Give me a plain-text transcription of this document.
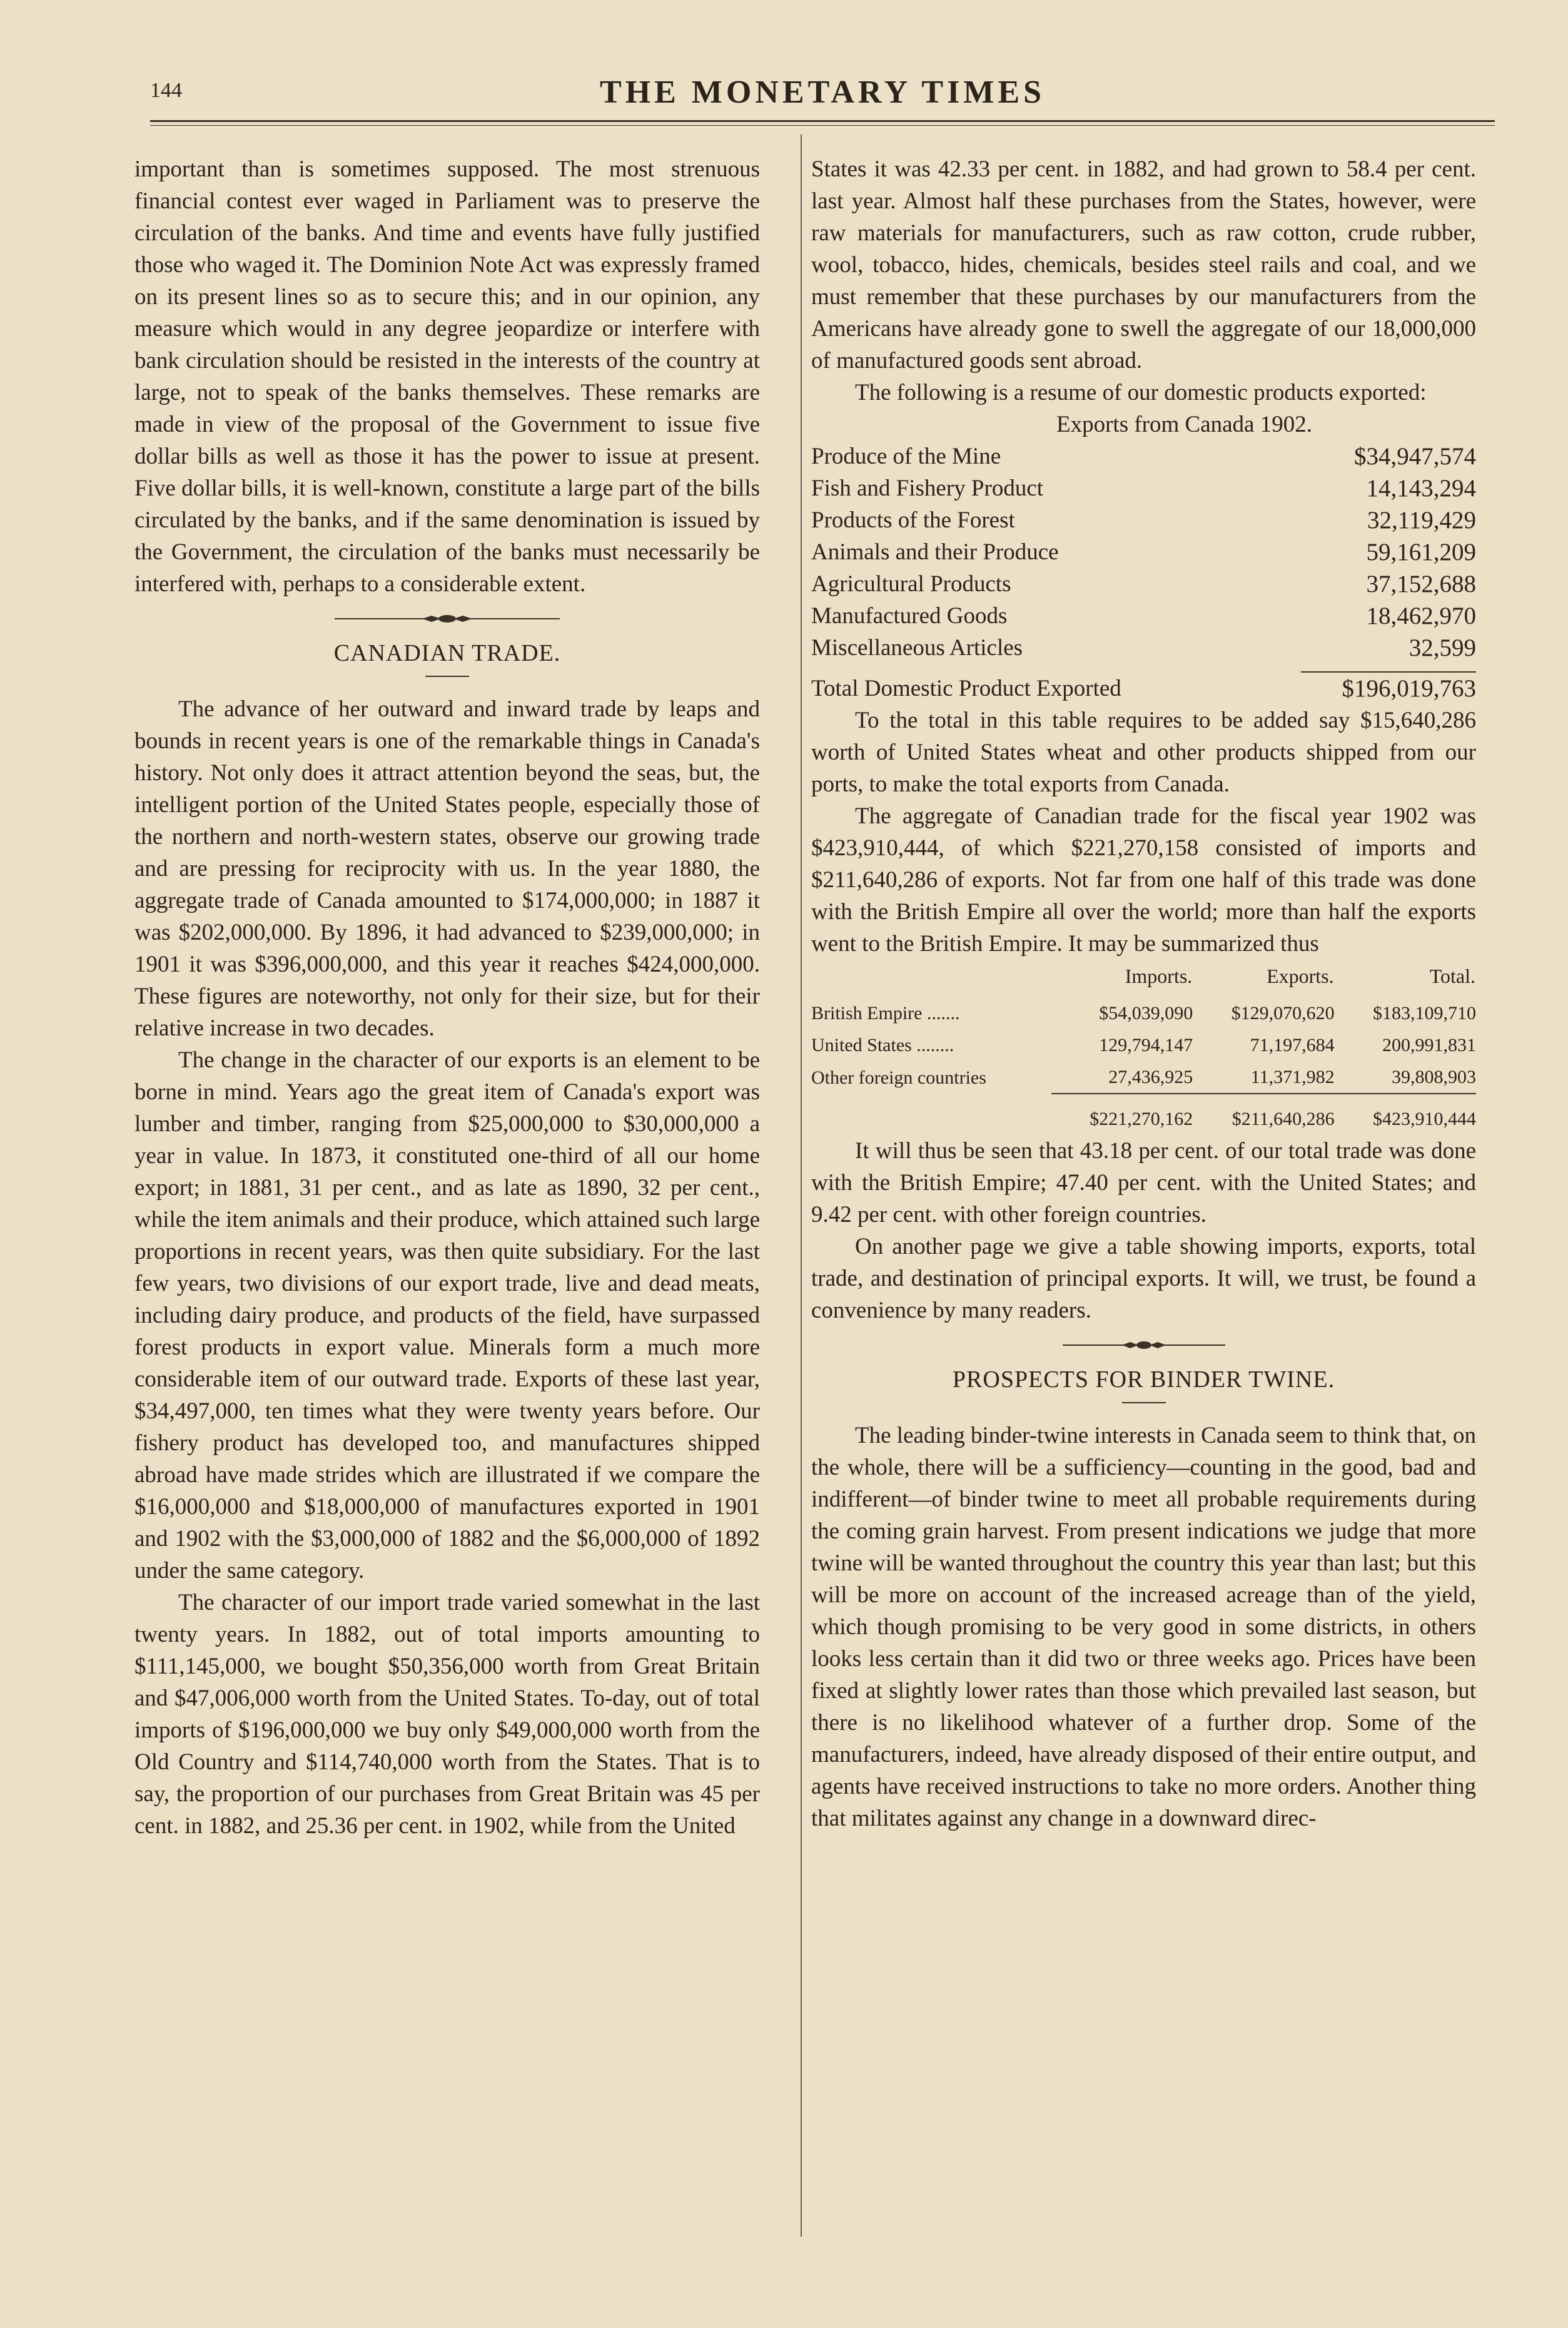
144	THE MONETARY TIMES

important than is sometimes supposed. The most strenuous financial contest ever waged in Parliament was to preserve the circulation of the banks. And time and events have fully justified those who waged it. The Dominion Note Act was expressly framed on its present lines so as to secure this; and in our opinion, any measure which would in any degree jeopardize or interfere with bank circulation should be resisted in the interests of the country at large, not to speak of the banks themselves. These remarks are made in view of the proposal of the Government to issue five dollar bills as well as those it has the power to issue at present. Five dollar bills, it is well-known, constitute a large part of the bills circulated by the banks, and if the same denomination is issued by the Government, the circulation of the banks must necessarily be interfered with, perhaps to a considerable extent.

CANADIAN TRADE.

The advance of her outward and inward trade by leaps and bounds in recent years is one of the remarkable things in Canada's history. Not only does it attract attention beyond the seas, but, the intelligent portion of the United States people, especially those of the northern and north-western states, observe our growing trade and are pressing for reciprocity with us. In the year 1880, the aggregate trade of Canada amounted to $174,000,000; in 1887 it was $202,000,000. By 1896, it had advanced to $239,000,000; in 1901 it was $396,000,000, and this year it reaches $424,000,000. These figures are noteworthy, not only for their size, but for their relative increase in two decades.

The change in the character of our exports is an element to be borne in mind. Years ago the great item of Canada's export was lumber and timber, ranging from $25,000,000 to $30,000,000 a year in value. In 1873, it constituted one-third of all our home export; in 1881, 31 per cent., and as late as 1890, 32 per cent., while the item animals and their produce, which attained such large proportions in recent years, was then quite subsidiary. For the last few years, two divisions of our export trade, live and dead meats, including dairy produce, and products of the field, have surpassed forest products in export value. Minerals form a much more considerable item of our outward trade. Exports of these last year, $34,497,000, ten times what they were twenty years before. Our fishery product has developed too, and manufactures shipped abroad have made strides which are illustrated if we compare the $16,000,000 and $18,000,000 of manufactures exported in 1901 and 1902 with the $3,000,000 of 1882 and the $6,000,000 of 1892 under the same category.

The character of our import trade varied somewhat in the last twenty years. In 1882, out of total imports amounting to $111,145,000, we bought $50,356,000 worth from Great Britain and $47,006,000 worth from the United States. To-day, out of total imports of $196,000,000 we buy only $49,000,000 worth from the Old Country and $114,740,000 worth from the States. That is to say, the proportion of our purchases from Great Britain was 45 per cent. in 1882, and 25.36 per cent. in 1902, while from the United

States it was 42.33 per cent. in 1882, and had grown to 58.4 per cent. last year. Almost half these purchases from the States, however, were raw materials for manufacturers, such as raw cotton, crude rubber, wool, tobacco, hides, chemicals, besides steel rails and coal, and we must remember that these purchases by our manufacturers from the Americans have already gone to swell the aggregate of our 18,000,000 of manufactured goods sent abroad.

The following is a resume of our domestic products exported:

Exports from Canada 1902.
Produce of the Mine	$34,947,574
Fish and Fishery Product	14,143,294
Products of the Forest	32,119,429
Animals and their Produce	59,161,209
Agricultural Products	37,152,688
Manufactured Goods	18,462,970
Miscellaneous Articles	32,599
Total Domestic Product Exported	$196,019,763

To the total in this table requires to be added say $15,640,286 worth of United States wheat and other products shipped from our ports, to make the total exports from Canada.

The aggregate of Canadian trade for the fiscal year 1902 was $423,910,444, of which $221,270,158 consisted of imports and $211,640,286 of exports. Not far from one half of this trade was done with the British Empire all over the world; more than half the exports went to the British Empire. It may be summarized thus

	Imports.	Exports.	Total.
British Empire .......	$54,039,090	$129,070,620	$183,109,710
United States ........	129,794,147	71,197,684	200,991,831
Other foreign countries	27,436,925	11,371,982	39,808,903
	$221,270,162	$211,640,286	$423,910,444

It will thus be seen that 43.18 per cent. of our total trade was done with the British Empire; 47.40 per cent. with the United States; and 9.42 per cent. with other foreign countries.

On another page we give a table showing imports, exports, total trade, and destination of principal exports. It will, we trust, be found a convenience by many readers.

PROSPECTS FOR BINDER TWINE.

The leading binder-twine interests in Canada seem to think that, on the whole, there will be a sufficiency—counting in the good, bad and indifferent—of binder twine to meet all probable requirements during the coming grain harvest. From present indications we judge that more twine will be wanted throughout the country this year than last; but this will be more on account of the increased acreage than of the yield, which though promising to be very good in some districts, in others looks less certain than it did two or three weeks ago. Prices have been fixed at slightly lower rates than those which prevailed last season, but there is no likelihood whatever of a further drop. Some of the manufacturers, indeed, have already disposed of their entire output, and agents have received instructions to take no more orders. Another thing that militates against any change in a downward direc-
